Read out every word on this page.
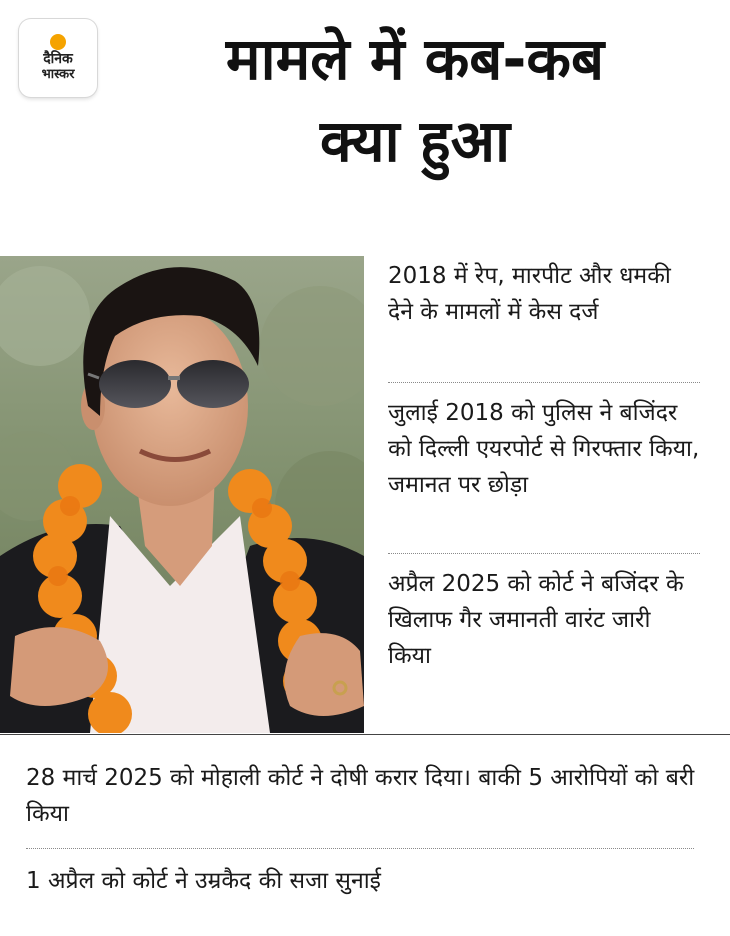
दैनिक
भास्कर	मामले में कब-कब
क्या हुआ
2018 में रेप, मारपीट और धमकी देने के मामलों में केस दर्ज
जुलाई 2018 को पुलिस ने बजिंदर को दिल्ली एयरपोर्ट से गिरफ्तार किया, जमानत पर छोड़ा
अप्रैल 2025 को कोर्ट ने बजिंदर के खिलाफ गैर जमानती वारंट जारी किया
28 मार्च 2025 को मोहाली कोर्ट ने दोषी करार दिया। बाकी 5 आरोपियों को बरी किया
1 अप्रैल को कोर्ट ने उम्रकैद की सजा सुनाई
